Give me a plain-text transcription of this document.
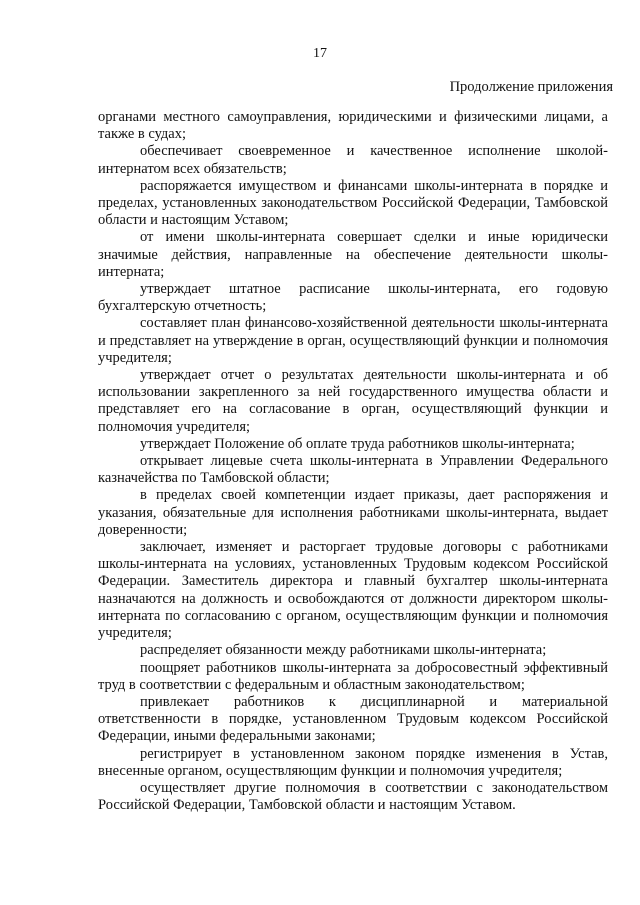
17
Продолжение приложения

органами местного самоуправления, юридическими и физическими лицами, а также в судах;

обеспечивает своевременное и качественное исполнение школой-интернатом всех обязательств;

распоряжается имуществом и финансами школы-интерната в порядке и пределах, установленных законодательством Российской Федерации, Тамбовской области и настоящим Уставом;

от имени школы-интерната совершает сделки и иные юридически значимые действия, направленные на обеспечение деятельности школы-интерната;

утверждает штатное расписание школы-интерната, его годовую бухгалтерскую отчетность;

составляет план финансово-хозяйственной деятельности школы-интерната и представляет на утверждение в орган, осуществляющий функции и полномочия учредителя;

утверждает отчет о результатах деятельности школы-интерната и об использовании закрепленного за ней государственного имущества области и представляет его на согласование в орган, осуществляющий функции и полномочия учредителя;

утверждает Положение об оплате труда работников школы-интерната;

открывает лицевые счета школы-интерната в Управлении Федерального казначейства по Тамбовской области;

в пределах своей компетенции издает приказы, дает распоряжения и указания, обязательные для исполнения работниками школы-интерната, выдает доверенности;

заключает, изменяет и расторгает трудовые договоры с работниками школы-интерната на условиях, установленных Трудовым кодексом Российской Федерации. Заместитель директора и главный бухгалтер школы-интерната назначаются на должность и освобождаются от должности директором школы-интерната по согласованию с органом, осуществляющим функции и полномочия учредителя;

распределяет обязанности между работниками школы-интерната;

поощряет работников школы-интерната за добросовестный эффективный труд в соответствии с федеральным и областным законодательством;

привлекает работников к дисциплинарной и материальной ответственности в порядке, установленном Трудовым кодексом Российской Федерации, иными федеральными законами;

регистрирует в установленном законом порядке изменения в Устав, внесенные органом, осуществляющим функции и полномочия учредителя;

осуществляет другие полномочия в соответствии с законодательством Российской Федерации, Тамбовской области и настоящим Уставом.
